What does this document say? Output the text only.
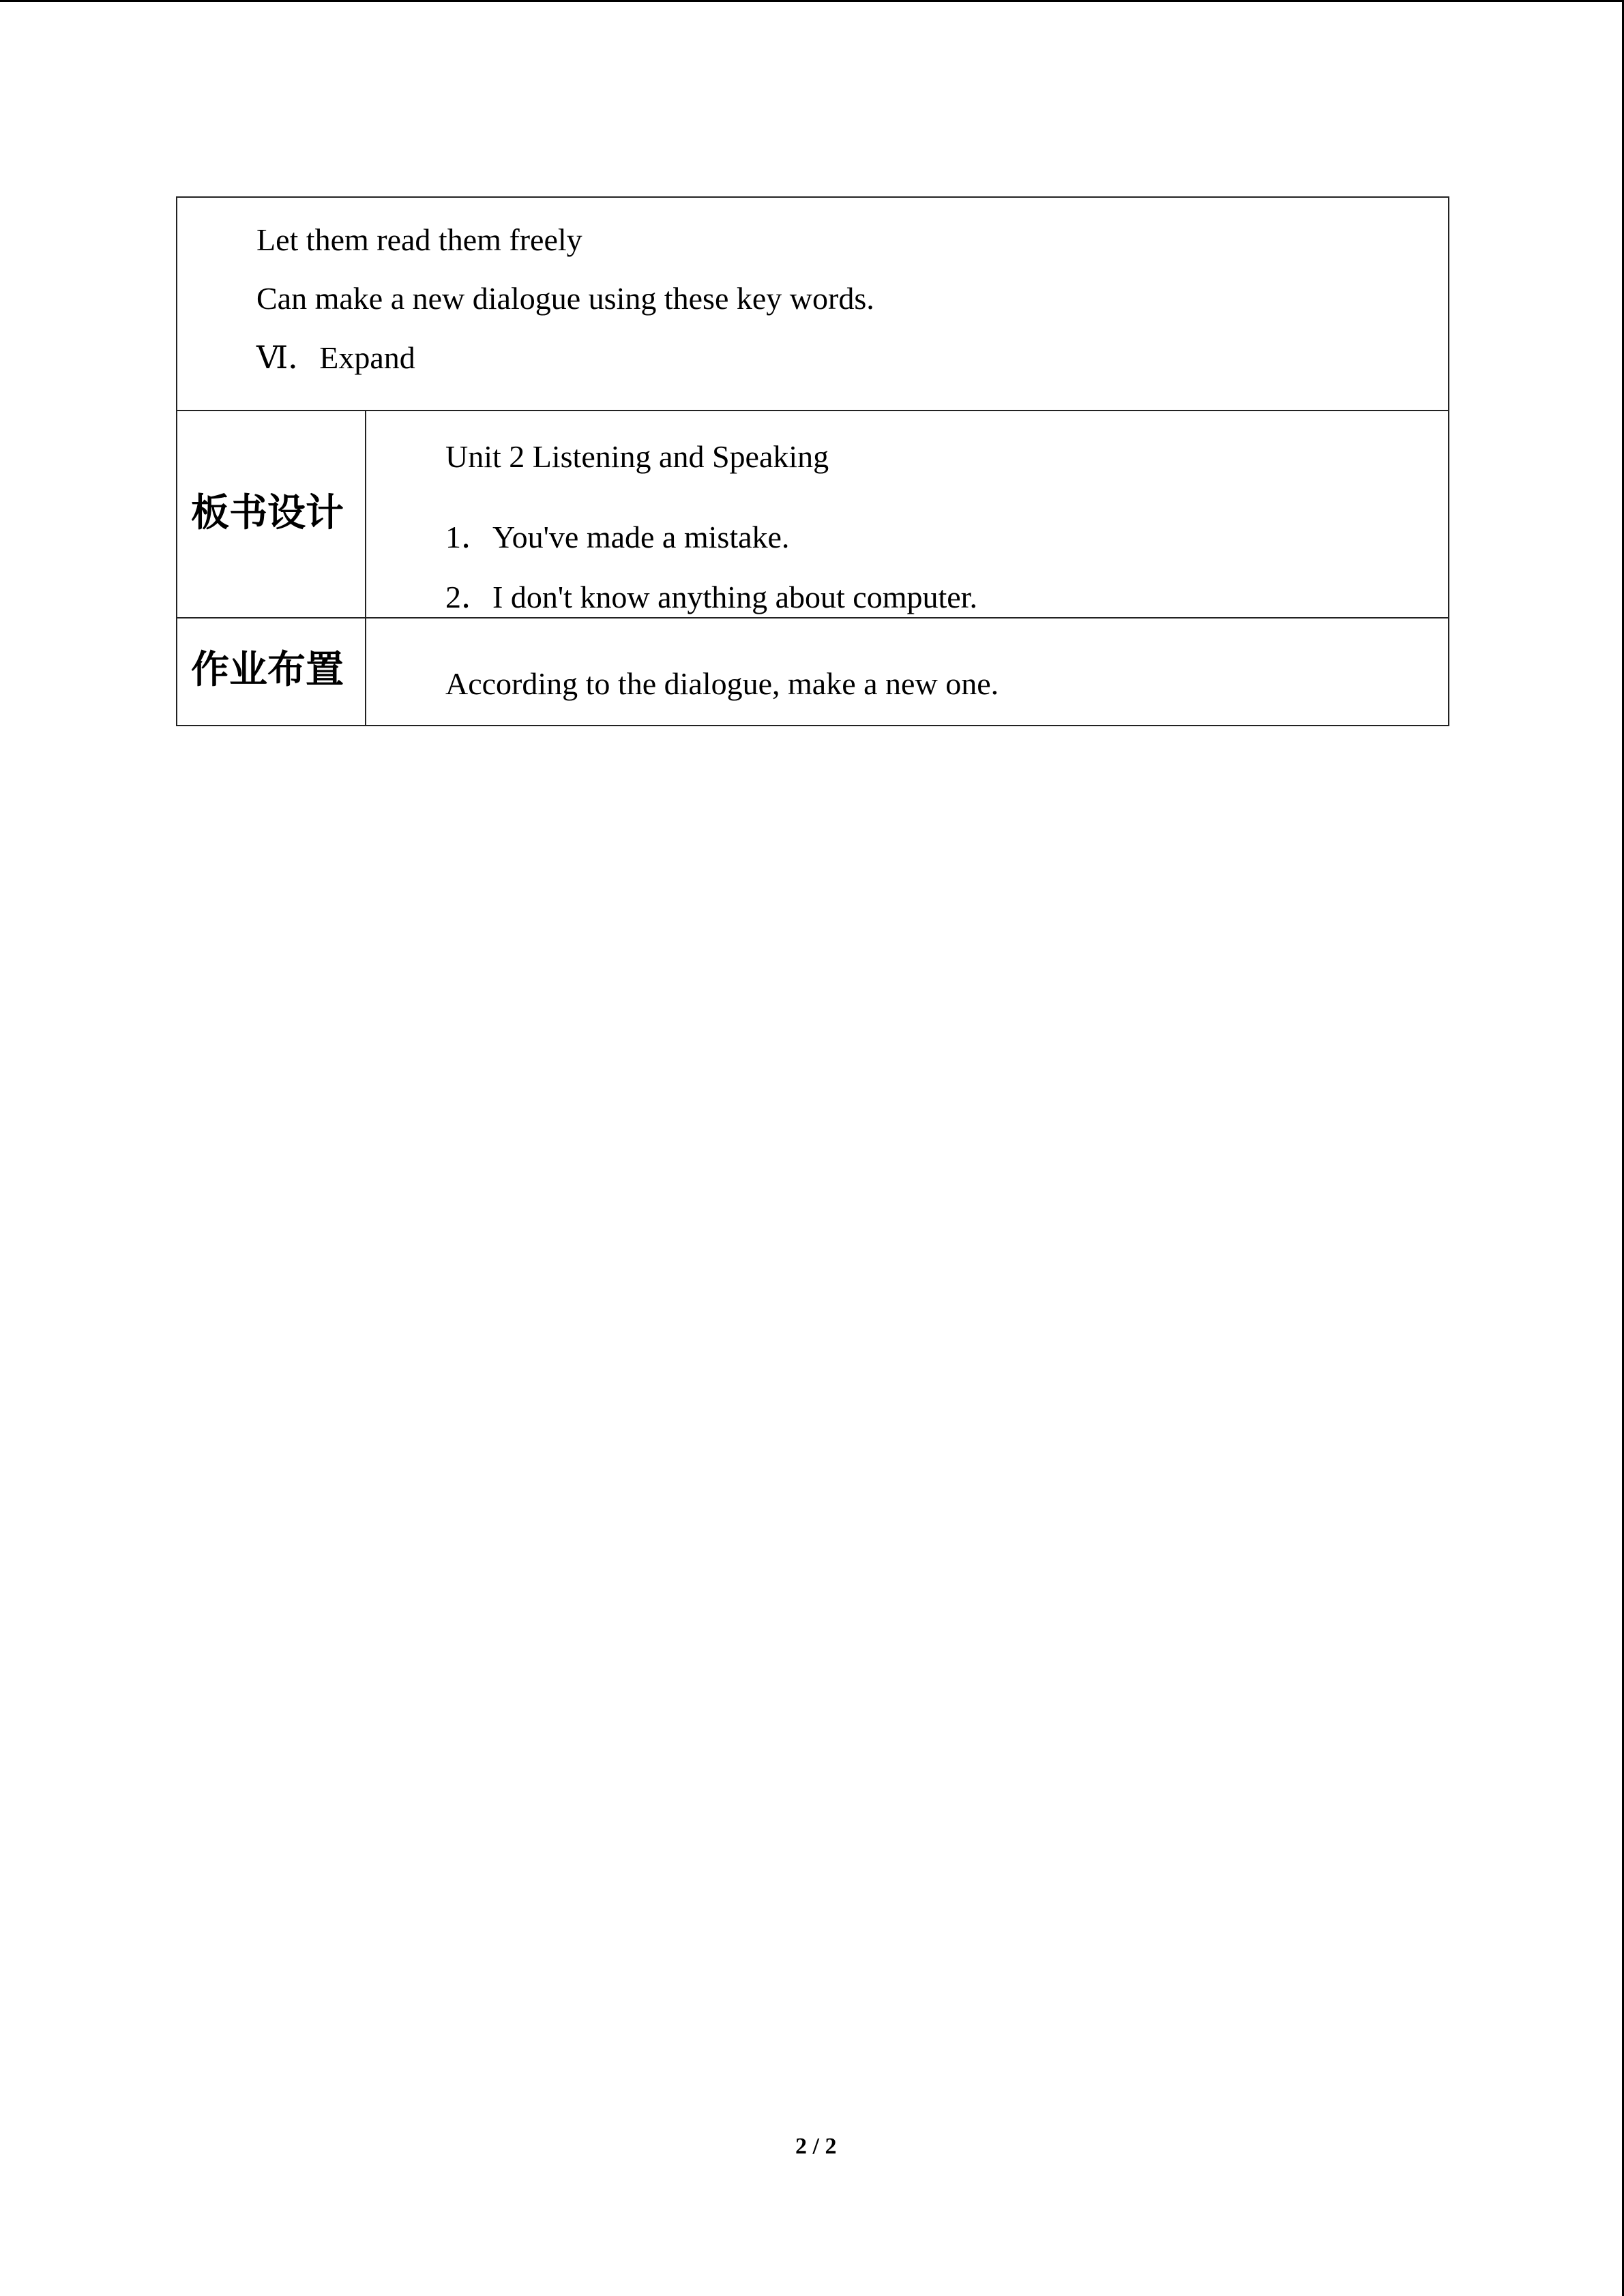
Let them read them freely
Can make a new dialogue using these key words.
Ⅵ．Expand
板书设计
Unit 2 Listening and Speaking
1．You've made a mistake.
2．I don't know anything about computer.
作业布置	According to the dialogue, make a new one.
2 / 2
